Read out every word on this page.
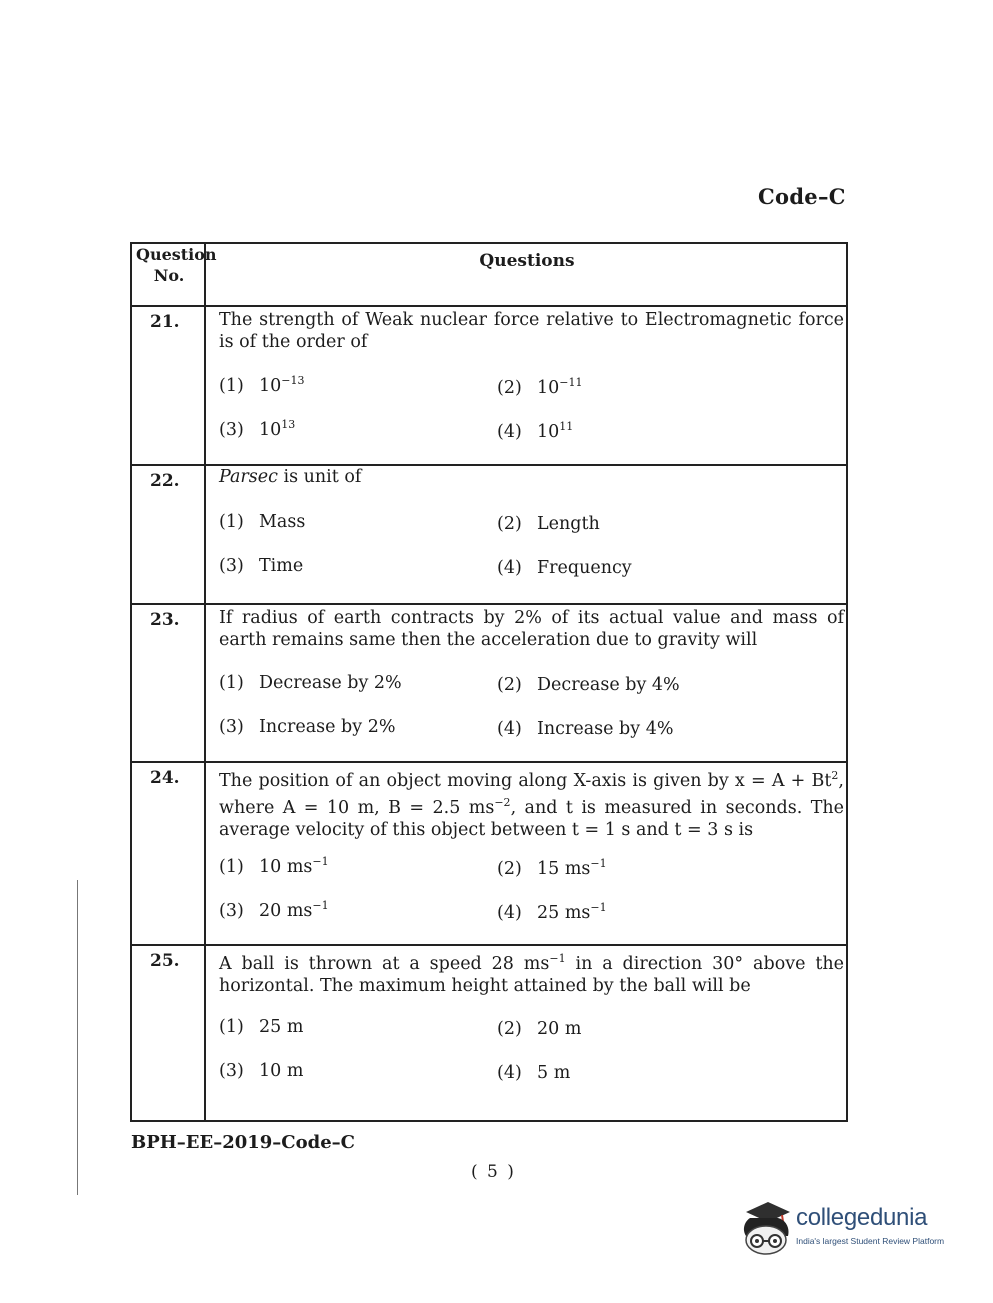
Code–C
Question
No.
Questions
21. The strength of Weak nuclear force relative to Electromagnetic force is of the order of
(1) $10^{-13}$	(2) $10^{-11}$
(3) $10^{13}$	(4) $10^{11}$
22. Parsec is unit of
(1) Mass	(2) Length
(3) Time	(4) Frequency
23. If radius of earth contracts by 2% of its actual value and mass of earth remains same then the acceleration due to gravity will
(1) Decrease by 2%	(2) Decrease by 4%
(3) Increase by 2%	(4) Increase by 4%
24. The position of an object moving along X-axis is given by $x = A + Bt^2$, where A = 10 m, B = 2.5 $ms^{-2}$, and t is measured in seconds. The average velocity of this object between t = 1 s and t = 3 s is
(1) 10 $ms^{-1}$	(2) 15 $ms^{-1}$
(3) 20 $ms^{-1}$	(4) 25 $ms^{-1}$
25. A ball is thrown at a speed 28 $ms^{-1}$ in a direction 30° above the horizontal. The maximum height attained by the ball will be
(1) 25 m	(2) 20 m
(3) 10 m	(4) 5 m
BPH–EE–2019–Code–C
( 5 )
collegedunia
India's largest Student Review Platform
